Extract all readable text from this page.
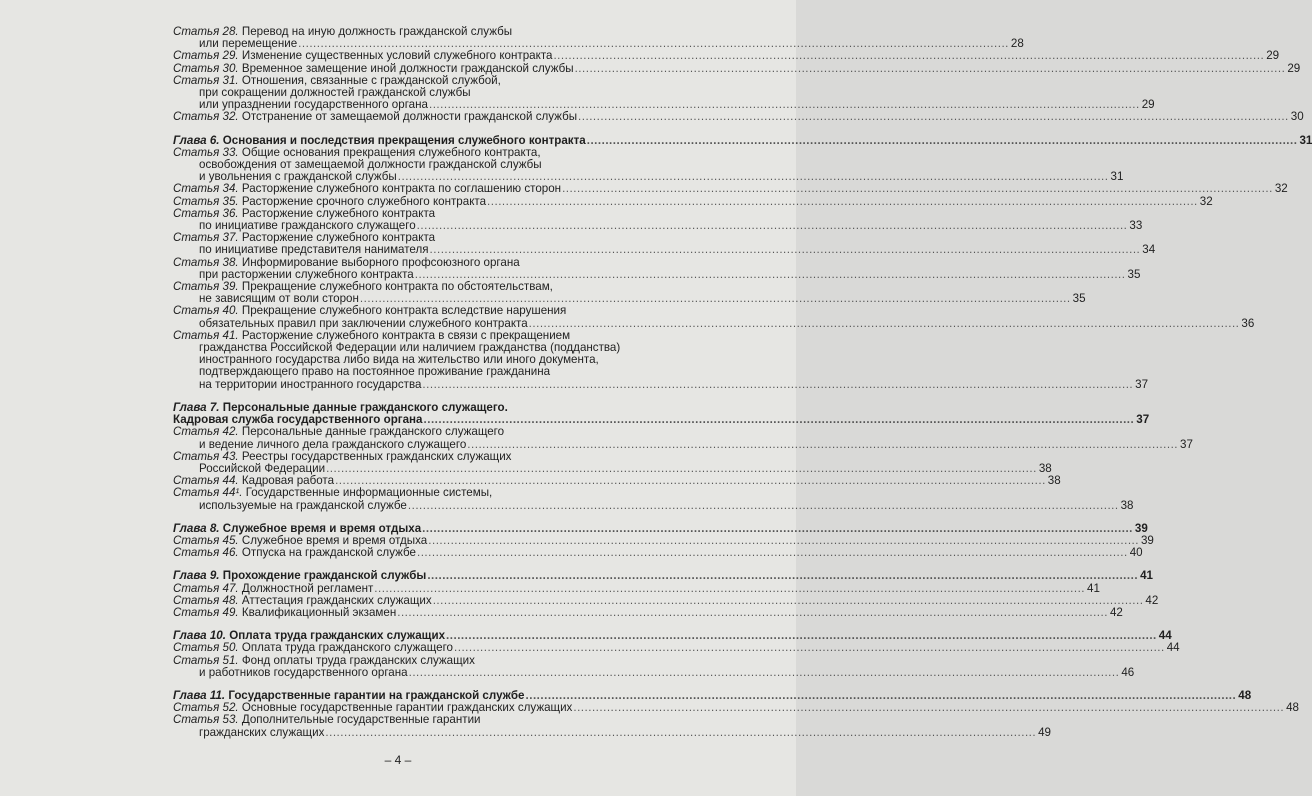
Статья 28. Перевод на иную должность гражданской службы
или перемещение .....	28
Статья 29. Изменение существенных условий служебного контракта .....	29
Статья 30. Временное замещение иной должности гражданской службы .....	29
Статья 31. Отношения, связанные с гражданской службой,
при сокращении должностей гражданской службы
или упразднении государственного органа .....	29
Статья 32. Отстранение от замещаемой должности гражданской службы .....	30
Глава 6. Основания и последствия прекращения служебного контракта .....	31
Статья 33. Общие основания прекращения служебного контракта,
освобождения от замещаемой должности гражданской службы
и увольнения с гражданской службы .....	31
Статья 34. Расторжение служебного контракта по соглашению сторон .....	32
Статья 35. Расторжение срочного служебного контракта .....	32
Статья 36. Расторжение служебного контракта
по инициативе гражданского служащего .....	33
Статья 37. Расторжение служебного контракта
по инициативе представителя нанимателя .....	34
Статья 38. Информирование выборного профсоюзного органа
при расторжении служебного контракта .....	35
Статья 39. Прекращение служебного контракта по обстоятельствам,
не зависящим от воли сторон .....	35
Статья 40. Прекращение служебного контракта вследствие нарушения
обязательных правил при заключении служебного контракта .....	36
Статья 41. Расторжение служебного контракта в связи с прекращением
гражданства Российской Федерации или наличием гражданства (подданства)
иностранного государства либо вида на жительство или иного документа,
подтверждающего право на постоянное проживание гражданина
на территории иностранного государства .....	37
Глава 7. Персональные данные гражданского служащего.
Кадровая служба государственного органа .....	37
Статья 42. Персональные данные гражданского служащего
и ведение личного дела гражданского служащего .....	37
Статья 43. Реестры государственных гражданских служащих
Российской Федерации .....	38
Статья 44. Кадровая работа .....	38
Статья 44¹. Государственные информационные системы,
используемые на гражданской службе .....	38
Глава 8. Служебное время и время отдыха .....	39
Статья 45. Служебное время и время отдыха .....	39
Статья 46. Отпуска на гражданской службе .....	40
Глава 9. Прохождение гражданской службы .....	41
Статья 47. Должностной регламент .....	41
Статья 48. Аттестация гражданских служащих .....	42
Статья 49. Квалификационный экзамен .....	42
Глава 10. Оплата труда гражданских служащих .....	44
Статья 50. Оплата труда гражданского служащего .....	44
Статья 51. Фонд оплаты труда гражданских служащих
и работников государственного органа .....	46
Глава 11. Государственные гарантии на гражданской службе .....	48
Статья 52. Основные государственные гарантии гражданских служащих .....	48
Статья 53. Дополнительные государственные гарантии
гражданских служащих .....	49
– 4 –
